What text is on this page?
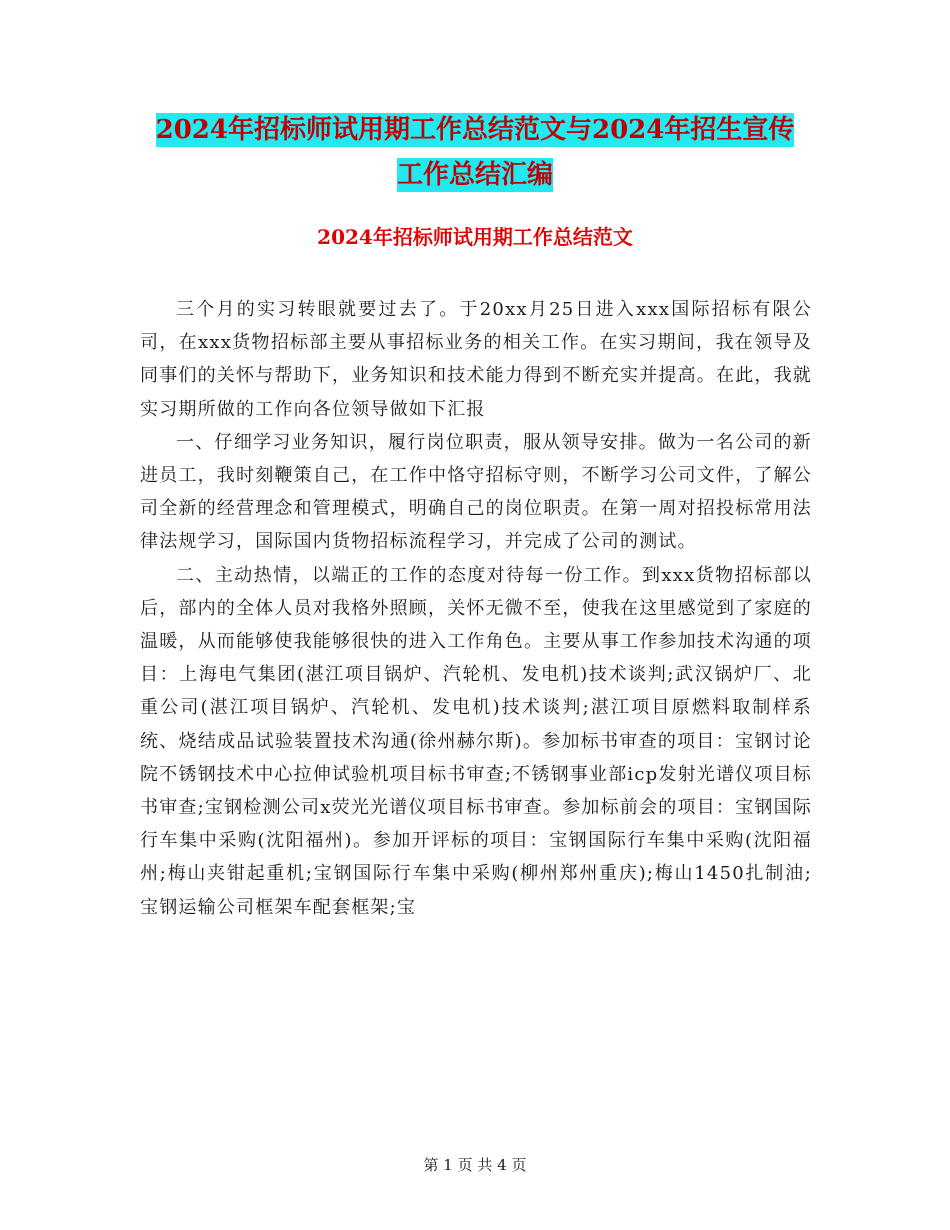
2024年招标师试用期工作总结范文与2024年招生宣传
工作总结汇编
2024年招标师试用期工作总结范文

三个月的实习转眼就要过去了。于20xx月25日进入xxx国际招标有限公司，在xxx货物招标部主要从事招标业务的相关工作。在实习期间，我在领导及同事们的关怀与帮助下，业务知识和技术能力得到不断充实并提高。在此，我就实习期所做的工作向各位领导做如下汇报

一、仔细学习业务知识，履行岗位职责，服从领导安排。做为一名公司的新进员工，我时刻鞭策自己，在工作中恪守招标守则，不断学习公司文件，了解公司全新的经营理念和管理模式，明确自己的岗位职责。在第一周对招投标常用法律法规学习，国际国内货物招标流程学习，并完成了公司的测试。

二、主动热情，以端正的工作的态度对待每一份工作。到xxx货物招标部以后，部内的全体人员对我格外照顾，关怀无微不至，使我在这里感觉到了家庭的温暖，从而能够使我能够很快的进入工作角色。主要从事工作参加技术沟通的项目：上海电气集团(湛江项目锅炉、汽轮机、发电机)技术谈判;武汉锅炉厂、北重公司(湛江项目锅炉、汽轮机、发电机)技术谈判;湛江项目原燃料取制样系统、烧结成品试验装置技术沟通(徐州赫尔斯)。参加标书审查的项目：宝钢讨论院不锈钢技术中心拉伸试验机项目标书审查;不锈钢事业部icp发射光谱仪项目标书审查;宝钢检测公司x荧光光谱仪项目标书审查。参加标前会的项目：宝钢国际行车集中采购(沈阳福州)。参加开评标的项目：宝钢国际行车集中采购(沈阳福州;梅山夹钳起重机;宝钢国际行车集中采购(柳州郑州重庆);梅山1450扎制油;宝钢运输公司框架车配套框架;宝

第 1 页 共 4 页
